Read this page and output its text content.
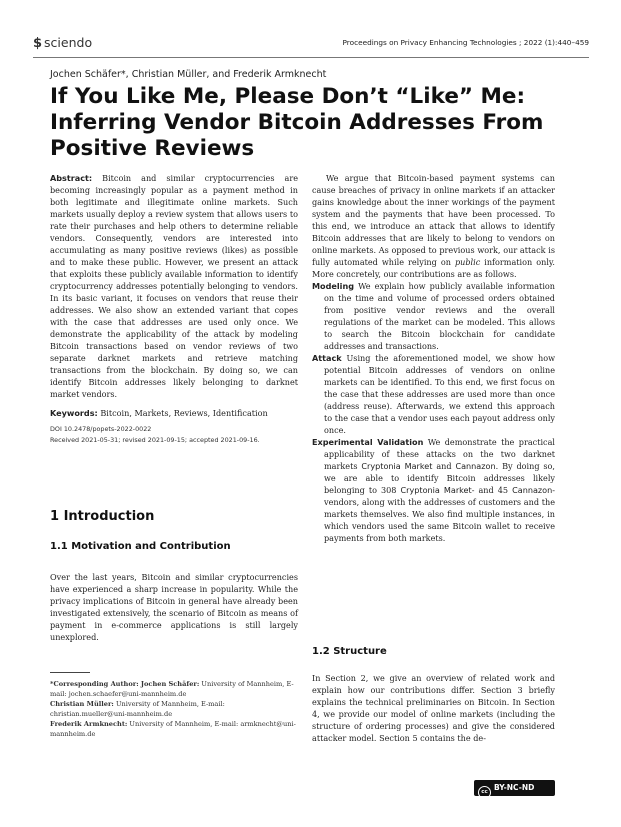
$ sciendo	Proceedings on Privacy Enhancing Technologies ; 2022 (1):440–459
Jochen Schäfer*, Christian Müller, and Frederik Armknecht
If You Like Me, Please Don’t “Like” Me: Inferring Vendor Bitcoin Addresses From Positive Reviews

Abstract: Bitcoin and similar cryptocurrencies are becoming increasingly popular as a payment method in both legitimate and illegitimate online markets. Such markets usually deploy a review system that allows users to rate their purchases and help others to determine reliable vendors. Consequently, vendors are interested into accumulating as many positive reviews (likes) as possible and to make these public. However, we present an attack that exploits these publicly available information to identify cryptocurrency addresses potentially belonging to vendors. In its basic variant, it focuses on vendors that reuse their addresses. We also show an extended variant that copes with the case that addresses are used only once. We demonstrate the applicability of the attack by modeling Bitcoin transactions based on vendor reviews of two separate darknet markets and retrieve matching transactions from the blockchain. By doing so, we can identify Bitcoin addresses likely belonging to darknet market vendors.

Keywords: Bitcoin, Markets, Reviews, Identification

DOI 10.2478/popets-2022-0022

Received 2021-05-31; revised 2021-09-15; accepted 2021-09-16.

1 Introduction
1.1 Motivation and Contribution
Over the last years, Bitcoin and similar cryptocurrencies have experienced a sharp increase in popularity. While the privacy implications of Bitcoin in general have already been investigated extensively, the scenario of Bitcoin as means of payment in e-commerce applications is still largely unexplored.

*Corresponding Author: Jochen Schäfer: University of Mannheim, E-mail: jochen.schaefer@uni-mannheim.de

Christian Müller: University of Mannheim, E-mail: christian.mueller@uni-mannheim.de

Frederik Armknecht: University of Mannheim, E-mail: armknecht@uni-mannheim.de

We argue that Bitcoin-based payment systems can cause breaches of privacy in online markets if an attacker gains knowledge about the inner workings of the payment system and the payments that have been processed. To this end, we introduce an attack that allows to identify Bitcoin addresses that are likely to belong to vendors on online markets. As opposed to previous work, our attack is fully automated while relying on public information only. More concretely, our contributions are as follows.

Modeling We explain how publicly available information on the time and volume of processed orders obtained from positive vendor reviews and the overall regulations of the market can be modeled. This allows to search the Bitcoin blockchain for candidate addresses and transactions.

Attack Using the aforementioned model, we show how potential Bitcoin addresses of vendors on online markets can be identified. To this end, we first focus on the case that these addresses are used more than once (address reuse). Afterwards, we extend this approach to the case that a vendor uses each payout address only once.

Experimental Validation We demonstrate the practical applicability of these attacks on the two darknet markets Cryptonia Market and Cannazon. By doing so, we are able to identify Bitcoin addresses likely belonging to 308 Cryptonia Market- and 45 Cannazon-vendors, along with the addresses of customers and the markets themselves. We also find multiple instances, in which vendors used the same Bitcoin wallet to receive payments from both markets.

1.2 Structure
In Section 2, we give an overview of related work and explain how our contributions differ. Section 3 briefly explains the technical preliminaries on Bitcoin. In Section 4, we provide our model of online markets (including the structure of ordering processes) and give the considered attacker model. Section 5 contains the de-
cc BY-NC-ND
